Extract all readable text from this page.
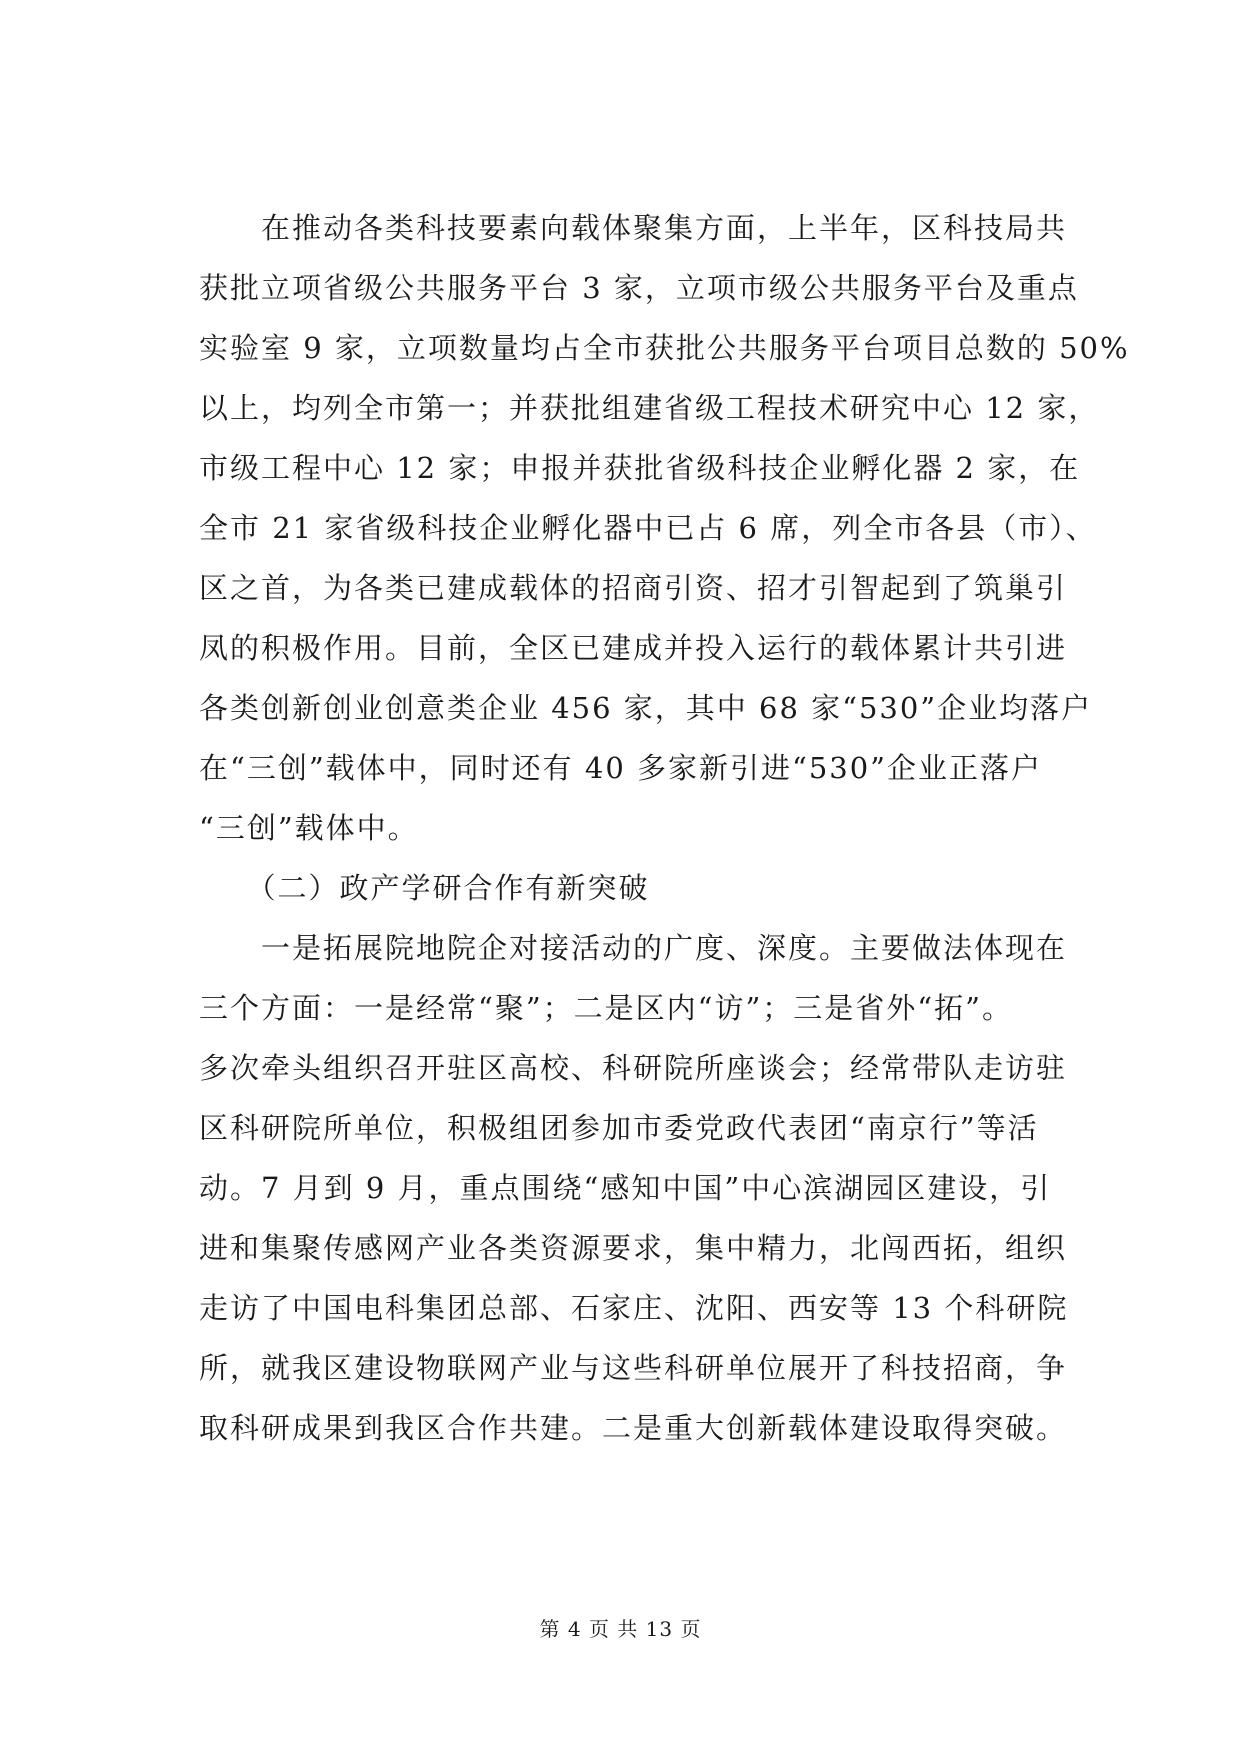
　　在推动各类科技要素向载体聚集方面，上半年，区科技局共
获批立项省级公共服务平台 3 家，立项市级公共服务平台及重点
实验室 9 家，立项数量均占全市获批公共服务平台项目总数的 50%
以上，均列全市第一；并获批组建省级工程技术研究中心 12 家，
市级工程中心 12 家；申报并获批省级科技企业孵化器 2 家，在
全市 21 家省级科技企业孵化器中已占 6 席，列全市各县（市）、
区之首，为各类已建成载体的招商引资、招才引智起到了筑巢引
凤的积极作用。目前，全区已建成并投入运行的载体累计共引进
各类创新创业创意类企业 456 家，其中 68 家“530”企业均落户
在“三创”载体中，同时还有 40 多家新引进“530”企业正落户
“三创”载体中。
　　（二）政产学研合作有新突破
　　一是拓展院地院企对接活动的广度、深度。主要做法体现在
三个方面：一是经常“聚”；二是区内“访”；三是省外“拓”。
多次牵头组织召开驻区高校、科研院所座谈会；经常带队走访驻
区科研院所单位，积极组团参加市委党政代表团“南京行”等活
动。7 月到 9 月，重点围绕“感知中国”中心滨湖园区建设，引
进和集聚传感网产业各类资源要求，集中精力，北闯西拓，组织
走访了中国电科集团总部、石家庄、沈阳、西安等 13 个科研院
所，就我区建设物联网产业与这些科研单位展开了科技招商，争
取科研成果到我区合作共建。二是重大创新载体建设取得突破。
第 4 页 共 13 页
